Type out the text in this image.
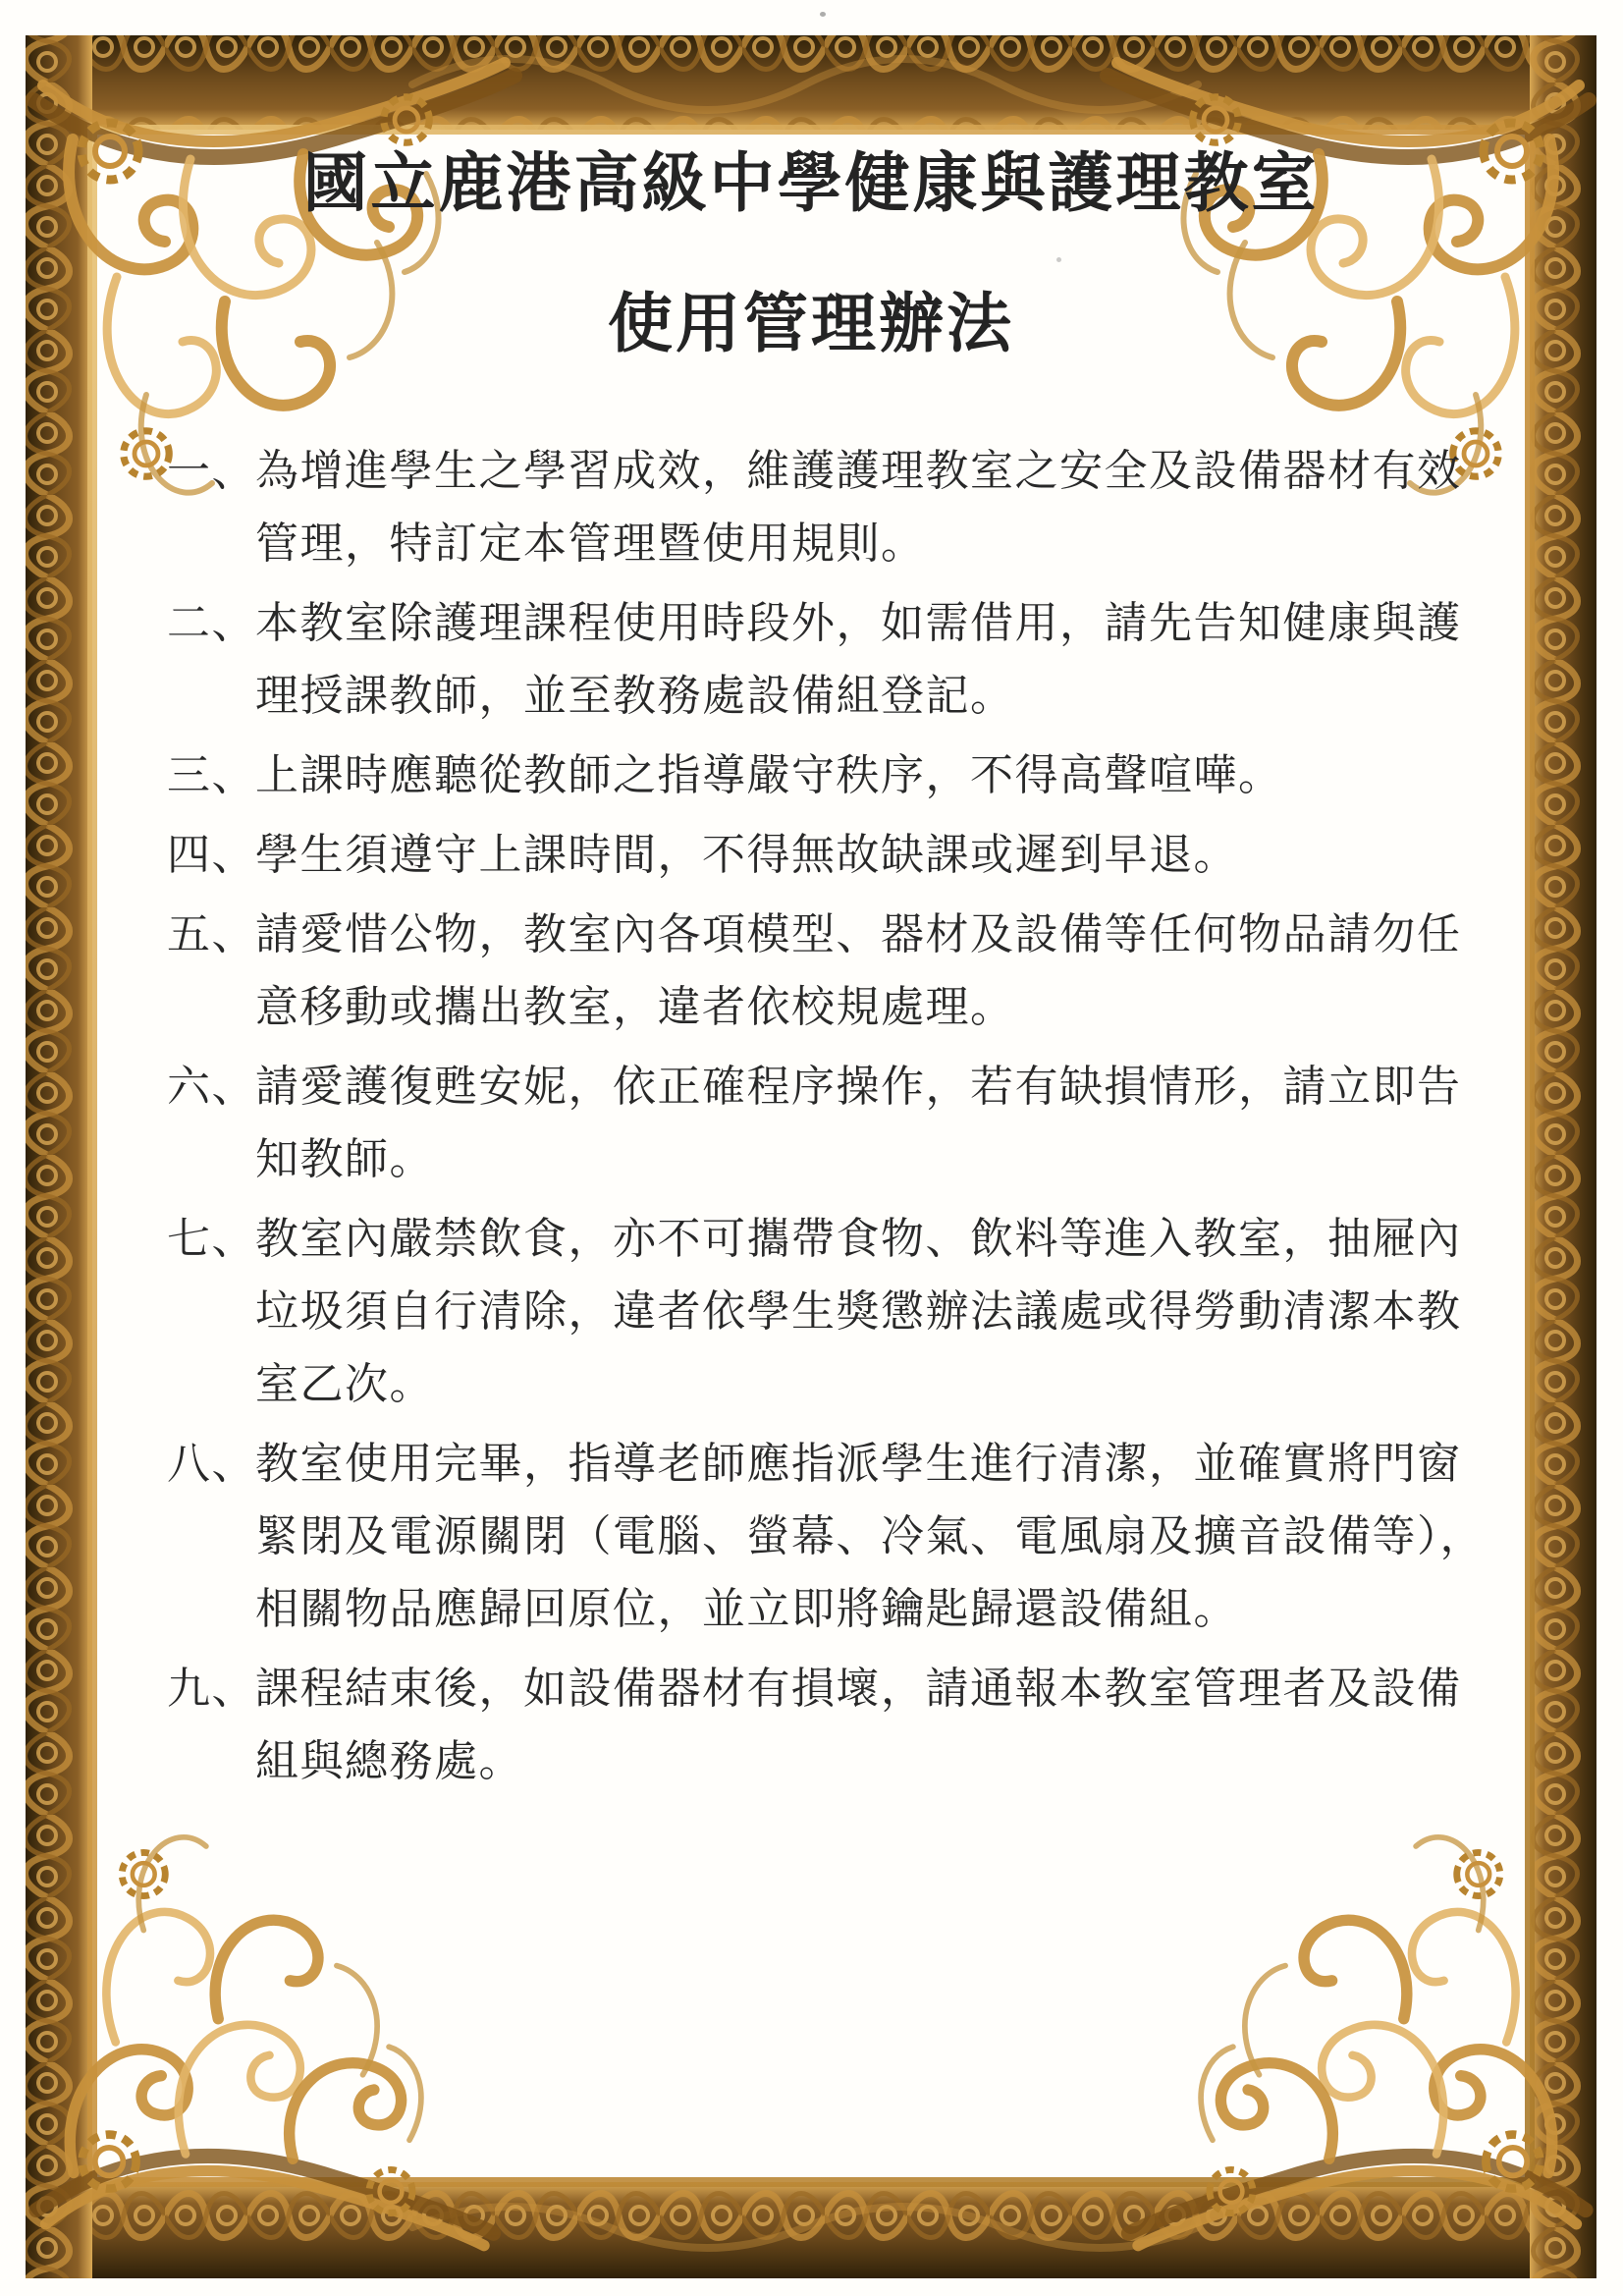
國立鹿港高級中學健康與護理教室
使用管理辦法
一、 為增進學生之學習成效，維護護理教室之安全及設備器材有效
管理，特訂定本管理暨使用規則。
二、 本教室除護理課程使用時段外，如需借用，請先告知健康與護
理授課教師，並至教務處設備組登記。
三、 上課時應聽從教師之指導嚴守秩序，不得高聲喧嘩。
四、 學生須遵守上課時間，不得無故缺課或遲到早退。
五、 請愛惜公物，教室內各項模型、器材及設備等任何物品請勿任
意移動或攜出教室，違者依校規處理。
六、 請愛護復甦安妮，依正確程序操作，若有缺損情形，請立即告
知教師。
七、 教室內嚴禁飲食，亦不可攜帶食物、飲料等進入教室，抽屜內
垃圾須自行清除，違者依學生獎懲辦法議處或得勞動清潔本教
室乙次。
八、 教室使用完畢，指導老師應指派學生進行清潔，並確實將門窗
緊閉及電源關閉（電腦、螢幕、冷氣、電風扇及擴音設備等），
相關物品應歸回原位，並立即將鑰匙歸還設備組。
九、 課程結束後，如設備器材有損壞，請通報本教室管理者及設備
組與總務處。
